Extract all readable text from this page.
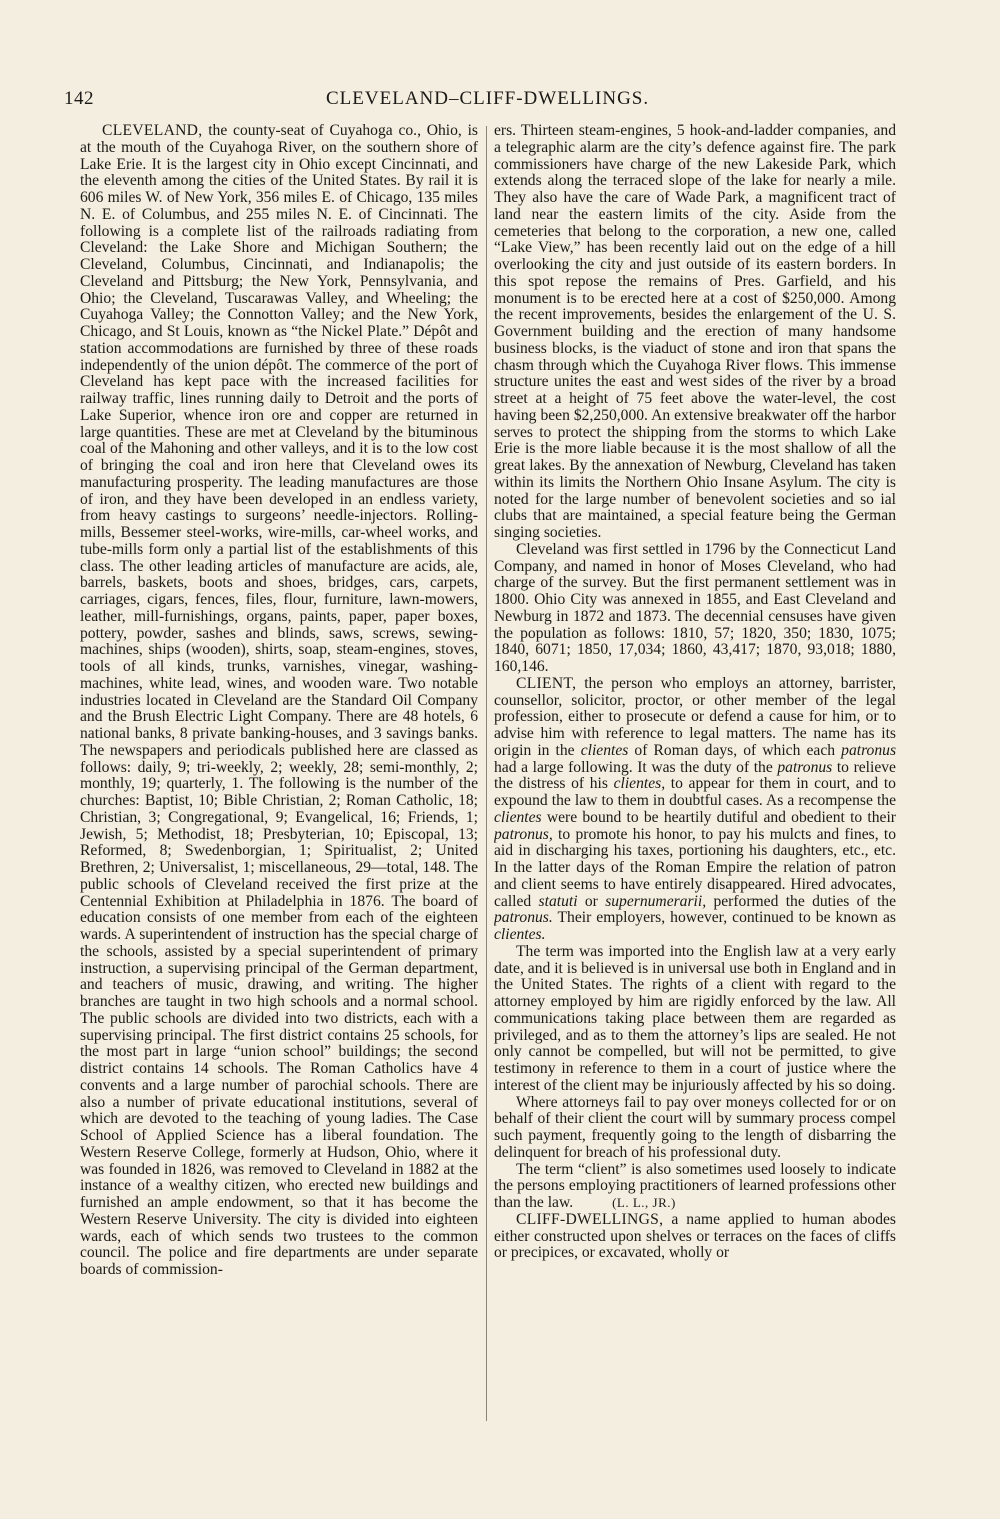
142	CLEVELAND–CLIFF-DWELLINGS.

CLEVELAND, the county-seat of Cuyahoga co., Ohio, is at the mouth of the Cuyahoga River, on the southern shore of Lake Erie. It is the largest city in Ohio except Cincinnati, and the eleventh among the cities of the United States. By rail it is 606 miles W. of New York, 356 miles E. of Chicago, 135 miles N. E. of Columbus, and 255 miles N. E. of Cincinnati. The following is a complete list of the railroads radiating from Cleveland: the Lake Shore and Michigan Southern; the Cleveland, Columbus, Cincinnati, and Indianapolis; the Cleveland and Pittsburg; the New York, Pennsylvania, and Ohio; the Cleveland, Tuscarawas Valley, and Wheeling; the Cuyahoga Valley; the Connotton Valley; and the New York, Chicago, and St Louis, known as “the Nickel Plate.” Dépôt and station accommodations are furnished by three of these roads independently of the union dépôt. The commerce of the port of Cleveland has kept pace with the increased facilities for railway traffic, lines running daily to Detroit and the ports of Lake Superior, whence iron ore and copper are returned in large quantities. These are met at Cleveland by the bituminous coal of the Mahoning and other valleys, and it is to the low cost of bringing the coal and iron here that Cleveland owes its manufacturing prosperity. The leading manufactures are those of iron, and they have been developed in an endless variety, from heavy castings to surgeons’ needle-injectors. Rolling-mills, Bessemer steel-works, wire-mills, car-wheel works, and tube-mills form only a partial list of the establishments of this class. The other leading articles of manufacture are acids, ale, barrels, baskets, boots and shoes, bridges, cars, carpets, carriages, cigars, fences, files, flour, furniture, lawn-mowers, leather, mill-furnishings, organs, paints, paper, paper boxes, pottery, powder, sashes and blinds, saws, screws, sewing-machines, ships (wooden), shirts, soap, steam-engines, stoves, tools of all kinds, trunks, varnishes, vinegar, washing-machines, white lead, wines, and wooden ware. Two notable industries located in Cleveland are the Standard Oil Company and the Brush Electric Light Company. There are 48 hotels, 6 national banks, 8 private banking-houses, and 3 savings banks. The newspapers and periodicals published here are classed as follows: daily, 9; tri-weekly, 2; weekly, 28; semi-monthly, 2; monthly, 19; quarterly, 1. The following is the number of the churches: Baptist, 10; Bible Christian, 2; Roman Catholic, 18; Christian, 3; Congregational, 9; Evangelical, 16; Friends, 1; Jewish, 5; Methodist, 18; Presbyterian, 10; Episcopal, 13; Reformed, 8; Swedenborgian, 1; Spiritualist, 2; United Brethren, 2; Universalist, 1; miscellaneous, 29—total, 148. The public schools of Cleveland received the first prize at the Centennial Exhibition at Philadelphia in 1876. The board of education consists of one member from each of the eighteen wards. A superintendent of instruction has the special charge of the schools, assisted by a special superintendent of primary instruction, a supervising principal of the German department, and teachers of music, drawing, and writing. The higher branches are taught in two high schools and a normal school. The public schools are divided into two districts, each with a supervising principal. The first district contains 25 schools, for the most part in large “union school” buildings; the second district contains 14 schools. The Roman Catholics have 4 convents and a large number of parochial schools. There are also a number of private educational institutions, several of which are devoted to the teaching of young ladies. The Case School of Applied Science has a liberal foundation. The Western Reserve College, formerly at Hudson, Ohio, where it was founded in 1826, was removed to Cleveland in 1882 at the instance of a wealthy citizen, who erected new buildings and furnished an ample endowment, so that it has become the Western Reserve University. The city is divided into eighteen wards, each of which sends two trustees to the common council. The police and fire departments are under separate boards of commission-

ers. Thirteen steam-engines, 5 hook-and-ladder companies, and a telegraphic alarm are the city’s defence against fire. The park commissioners have charge of the new Lakeside Park, which extends along the terraced slope of the lake for nearly a mile. They also have the care of Wade Park, a magnificent tract of land near the eastern limits of the city. Aside from the cemeteries that belong to the corporation, a new one, called “Lake View,” has been recently laid out on the edge of a hill overlooking the city and just outside of its eastern borders. In this spot repose the remains of Pres. Garfield, and his monument is to be erected here at a cost of $250,000. Among the recent improvements, besides the enlargement of the U. S. Government building and the erection of many handsome business blocks, is the viaduct of stone and iron that spans the chasm through which the Cuyahoga River flows. This immense structure unites the east and west sides of the river by a broad street at a height of 75 feet above the water-level, the cost having been $2,250,000. An extensive breakwater off the harbor serves to protect the shipping from the storms to which Lake Erie is the more liable because it is the most shallow of all the great lakes. By the annexation of Newburg, Cleveland has taken within its limits the Northern Ohio Insane Asylum. The city is noted for the large number of benevolent societies and so ial clubs that are maintained, a special feature being the German singing societies.

Cleveland was first settled in 1796 by the Connecticut Land Company, and named in honor of Moses Cleveland, who had charge of the survey. But the first permanent settlement was in 1800. Ohio City was annexed in 1855, and East Cleveland and Newburg in 1872 and 1873. The decennial censuses have given the population as follows: 1810, 57; 1820, 350; 1830, 1075; 1840, 6071; 1850, 17,034; 1860, 43,417; 1870, 93,018; 1880, 160,146.

CLIENT, the person who employs an attorney, barrister, counsellor, solicitor, proctor, or other member of the legal profession, either to prosecute or defend a cause for him, or to advise him with reference to legal matters. The name has its origin in the clientes of Roman days, of which each patronus had a large following. It was the duty of the patronus to relieve the distress of his clientes, to appear for them in court, and to expound the law to them in doubtful cases. As a recompense the clientes were bound to be heartily dutiful and obedient to their patronus, to promote his honor, to pay his mulcts and fines, to aid in discharging his taxes, portioning his daughters, etc., etc. In the latter days of the Roman Empire the relation of patron and client seems to have entirely disappeared. Hired advocates, called statuti or supernumerarii, performed the duties of the patronus. Their employers, however, continued to be known as clientes.

The term was imported into the English law at a very early date, and it is believed is in universal use both in England and in the United States. The rights of a client with regard to the attorney employed by him are rigidly enforced by the law. All communications taking place between them are regarded as privileged, and as to them the attorney’s lips are sealed. He not only cannot be compelled, but will not be permitted, to give testimony in reference to them in a court of justice where the interest of the client may be injuriously affected by his so doing.

Where attorneys fail to pay over moneys collected for or on behalf of their client the court will by summary process compel such payment, frequently going to the length of disbarring the delinquent for breach of his professional duty.

The term “client” is also sometimes used loosely to indicate the persons employing practitioners of learned professions other than the law.	(L. L., JR.)

CLIFF-DWELLINGS, a name applied to human abodes either constructed upon shelves or terraces on the faces of cliffs or precipices, or excavated, wholly or
